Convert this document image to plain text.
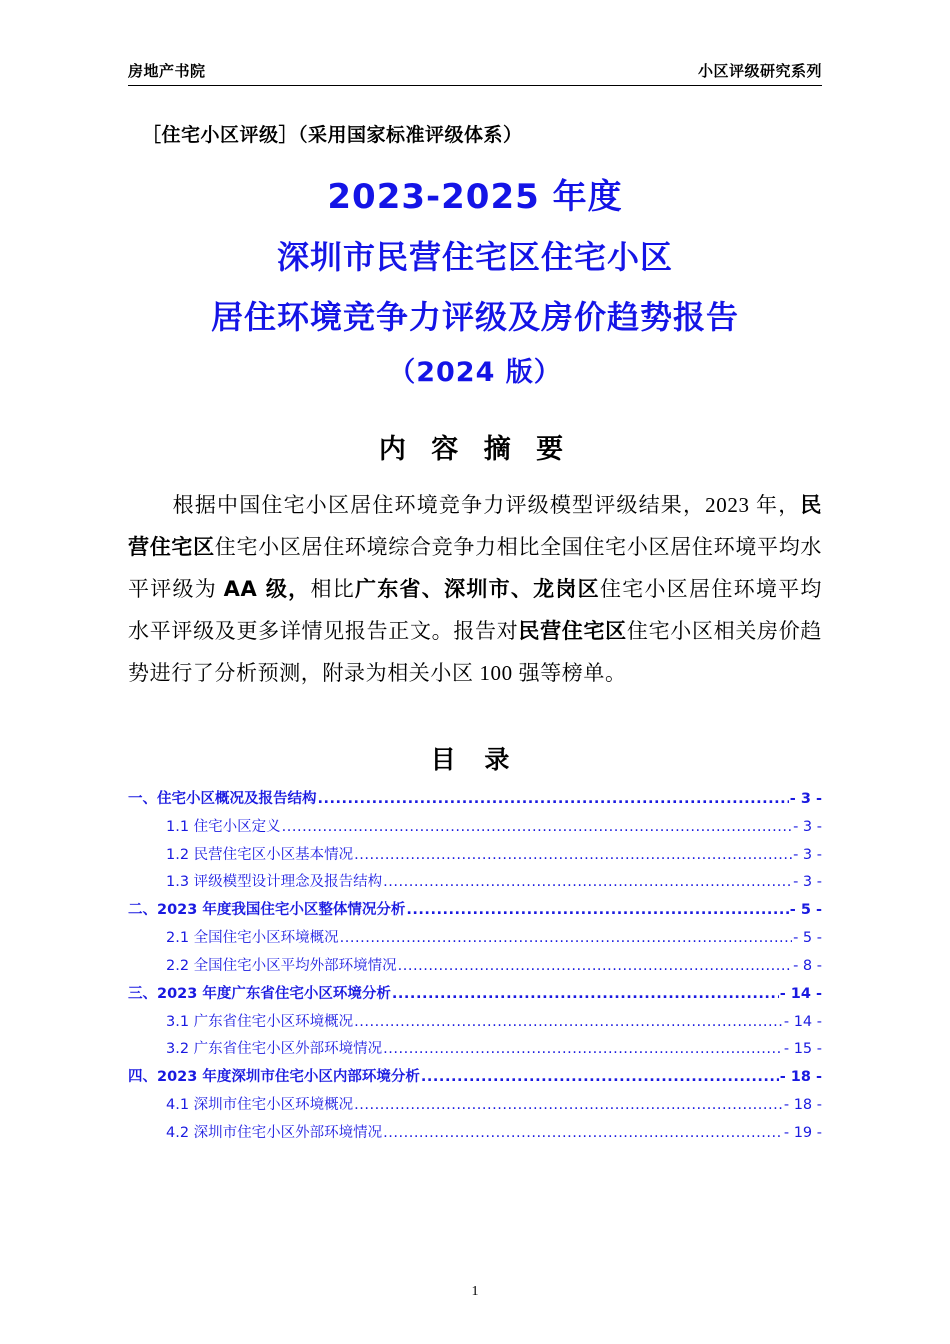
房地产书院	小区评级研究系列
［住宅小区评级］（采用国家标准评级体系）
2023-2025 年度
深圳市民营住宅区住宅小区
居住环境竞争力评级及房价趋势报告
（2024 版）
内 容 摘 要
根据中国住宅小区居住环境竞争力评级模型评级结果，2023 年，民营住宅区住宅小区居住环境综合竞争力相比全国住宅小区居住环境平均水平评级为 AA 级，相比广东省、深圳市、龙岗区住宅小区居住环境平均水平评级及更多详情见报告正文。报告对民营住宅区住宅小区相关房价趋势进行了分析预测，附录为相关小区 100 强等榜单。
目 录
一、住宅小区概况及报告结构 .....	- 3 -
1.1 住宅小区定义 .....	- 3 -
1.2 民营住宅区小区基本情况 .....	- 3 -
1.3 评级模型设计理念及报告结构 .....	- 3 -
二、2023 年度我国住宅小区整体情况分析 .....	- 5 -
2.1 全国住宅小区环境概况 .....	- 5 -
2.2 全国住宅小区平均外部环境情况 .....	- 8 -
三、2023 年度广东省住宅小区环境分析 .....	- 14 -
3.1 广东省住宅小区环境概况 .....	- 14 -
3.2 广东省住宅小区外部环境情况 .....	- 15 -
四、2023 年度深圳市住宅小区内部环境分析 .....	- 18 -
4.1 深圳市住宅小区环境概况 .....	- 18 -
4.2 深圳市住宅小区外部环境情况 .....	- 19 -
1
